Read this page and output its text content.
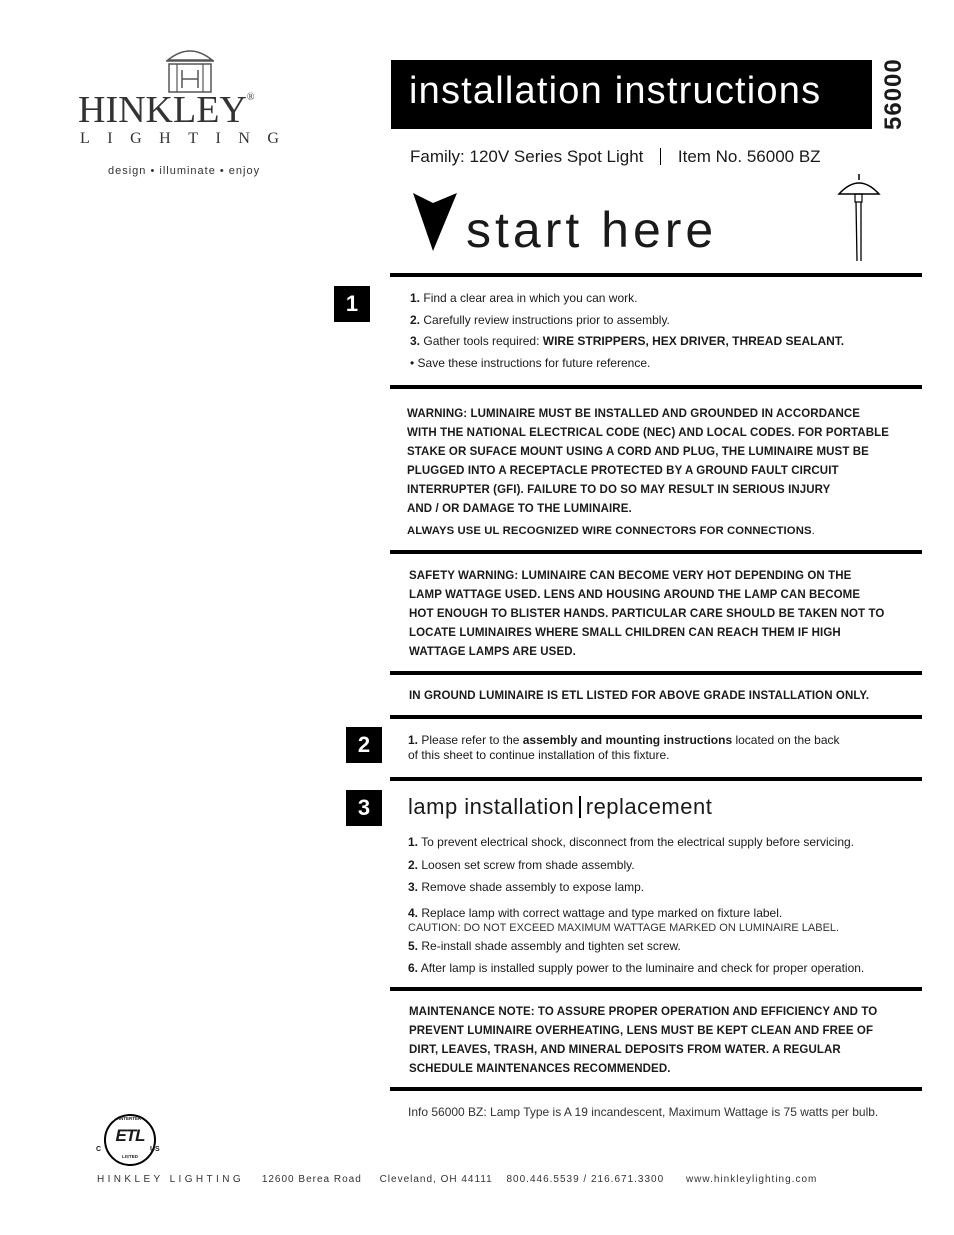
HINKLEY®
LIGHTING
design • illuminate • enjoy
installation instructions 56000
Family: 120V Series Spot Light Item No. 56000 BZ
start here
1	1. Find a clear area in which you can work.
2. Carefully review instructions prior to assembly.
3. Gather tools required: WIRE STRIPPERS, HEX DRIVER, THREAD SEALANT.
• Save these instructions for future reference.
WARNING: LUMINAIRE MUST BE INSTALLED AND GROUNDED IN ACCORDANCE
WITH THE NATIONAL ELECTRICAL CODE (NEC) AND LOCAL CODES. FOR PORTABLE
STAKE OR SUFACE MOUNT USING A CORD AND PLUG, THE LUMINAIRE MUST BE
PLUGGED INTO A RECEPTACLE PROTECTED BY A GROUND FAULT CIRCUIT
INTERRUPTER (GFI). FAILURE TO DO SO MAY RESULT IN SERIOUS INJURY
AND / OR DAMAGE TO THE LUMINAIRE.
ALWAYS USE UL RECOGNIZED WIRE CONNECTORS FOR CONNECTIONS.
SAFETY WARNING: LUMINAIRE CAN BECOME VERY HOT DEPENDING ON THE
LAMP WATTAGE USED. LENS AND HOUSING AROUND THE LAMP CAN BECOME
HOT ENOUGH TO BLISTER HANDS. PARTICULAR CARE SHOULD BE TAKEN NOT TO
LOCATE LUMINAIRES WHERE SMALL CHILDREN CAN REACH THEM IF HIGH
WATTAGE LAMPS ARE USED.
IN GROUND LUMINAIRE IS ETL LISTED FOR ABOVE GRADE INSTALLATION ONLY.
2	1. Please refer to the assembly and mounting instructions located on the back
of this sheet to continue installation of this fixture.
3	lamp installation replacement
1. To prevent electrical shock, disconnect from the electrical supply before servicing.
2. Loosen set screw from shade assembly.
3. Remove shade assembly to expose lamp.
4. Replace lamp with correct wattage and type marked on fixture label.
CAUTION: DO NOT EXCEED MAXIMUM WATTAGE MARKED ON LUMINAIRE LABEL.
5. Re-install shade assembly and tighten set screw.
6. After lamp is installed supply power to the luminaire and check for proper operation.
MAINTENANCE NOTE: TO ASSURE PROPER OPERATION AND EFFICIENCY AND TO
PREVENT LUMINAIRE OVERHEATING, LENS MUST BE KEPT CLEAN AND FREE OF
DIRT, LEAVES, TRASH, AND MINERAL DEPOSITS FROM WATER. A REGULAR
SCHEDULE MAINTENANCES RECOMMENDED.
Info 56000 BZ: Lamp Type is A 19 incandescent, Maximum Wattage is 75 watts per bulb.
ETL
INTERTEK
LISTED
C	US
HINKLEY LIGHTING 12600 Berea Road Cleveland, OH 44111 800.446.5539 / 216.671.3300 www.hinkleylighting.com
